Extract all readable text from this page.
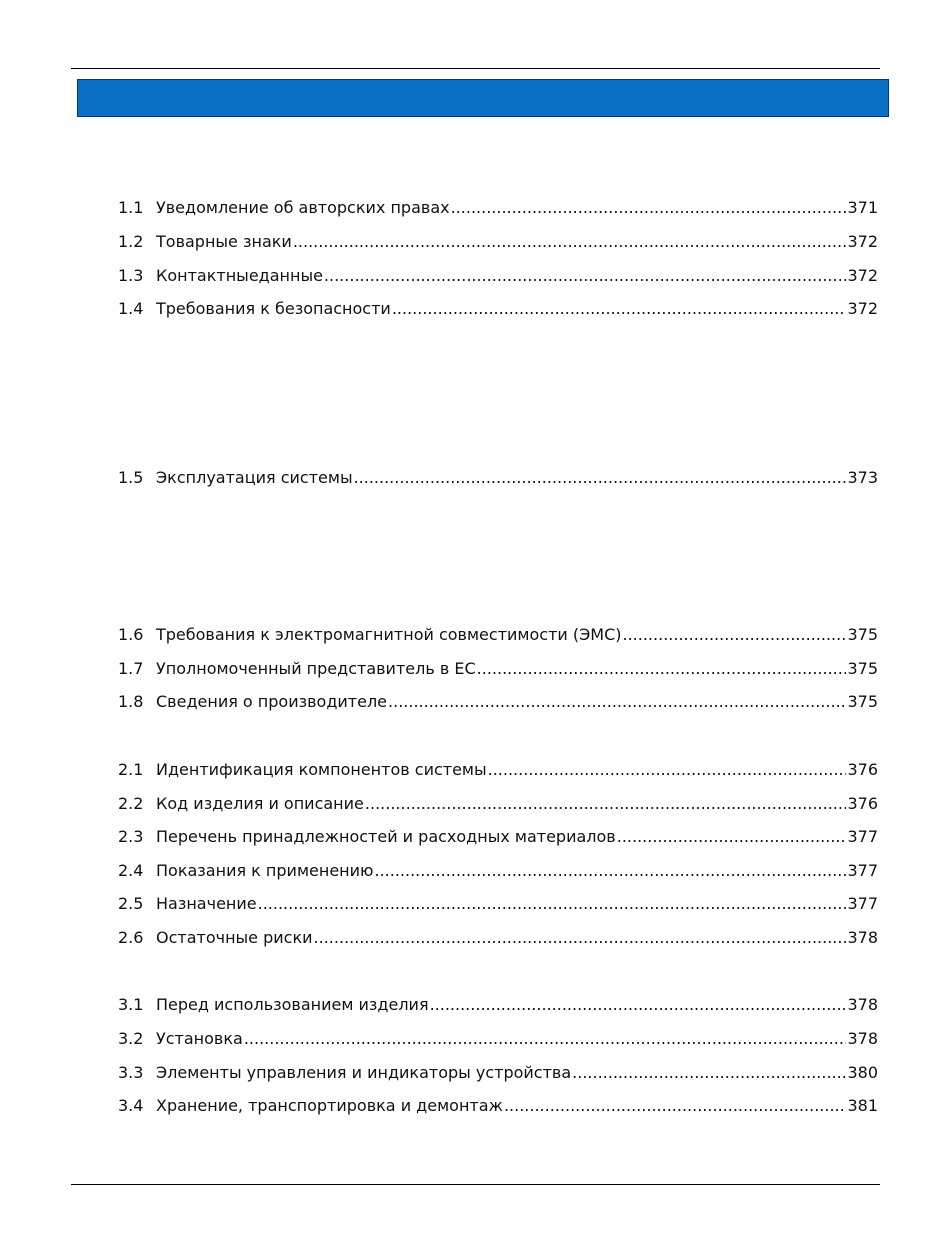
1.1 Уведомление об авторских правах .....	371
1.2 Товарные знаки .....	372
1.3 Контактныеданные .....	372
1.4 Требования к безопасности .....	372
1.5 Эксплуатация системы .....	373
1.6 Требования к электромагнитной совместимости (ЭМС) .....	375
1.7 Уполномоченный представитель в ЕС .....	375
1.8 Сведения о производителе .....	375
2.1 Идентификация компонентов системы .....	376
2.2 Код изделия и описание .....	376
2.3 Перечень принадлежностей и расходных материалов .....	377
2.4 Показания к применению .....	377
2.5 Назначение .....	377
2.6 Остаточные риски .....	378
3.1 Перед использованием изделия .....	378
3.2 Установка .....	378
3.3 Элементы управления и индикаторы устройства .....	380
3.4 Хранение, транспортировка и демонтаж .....	381
